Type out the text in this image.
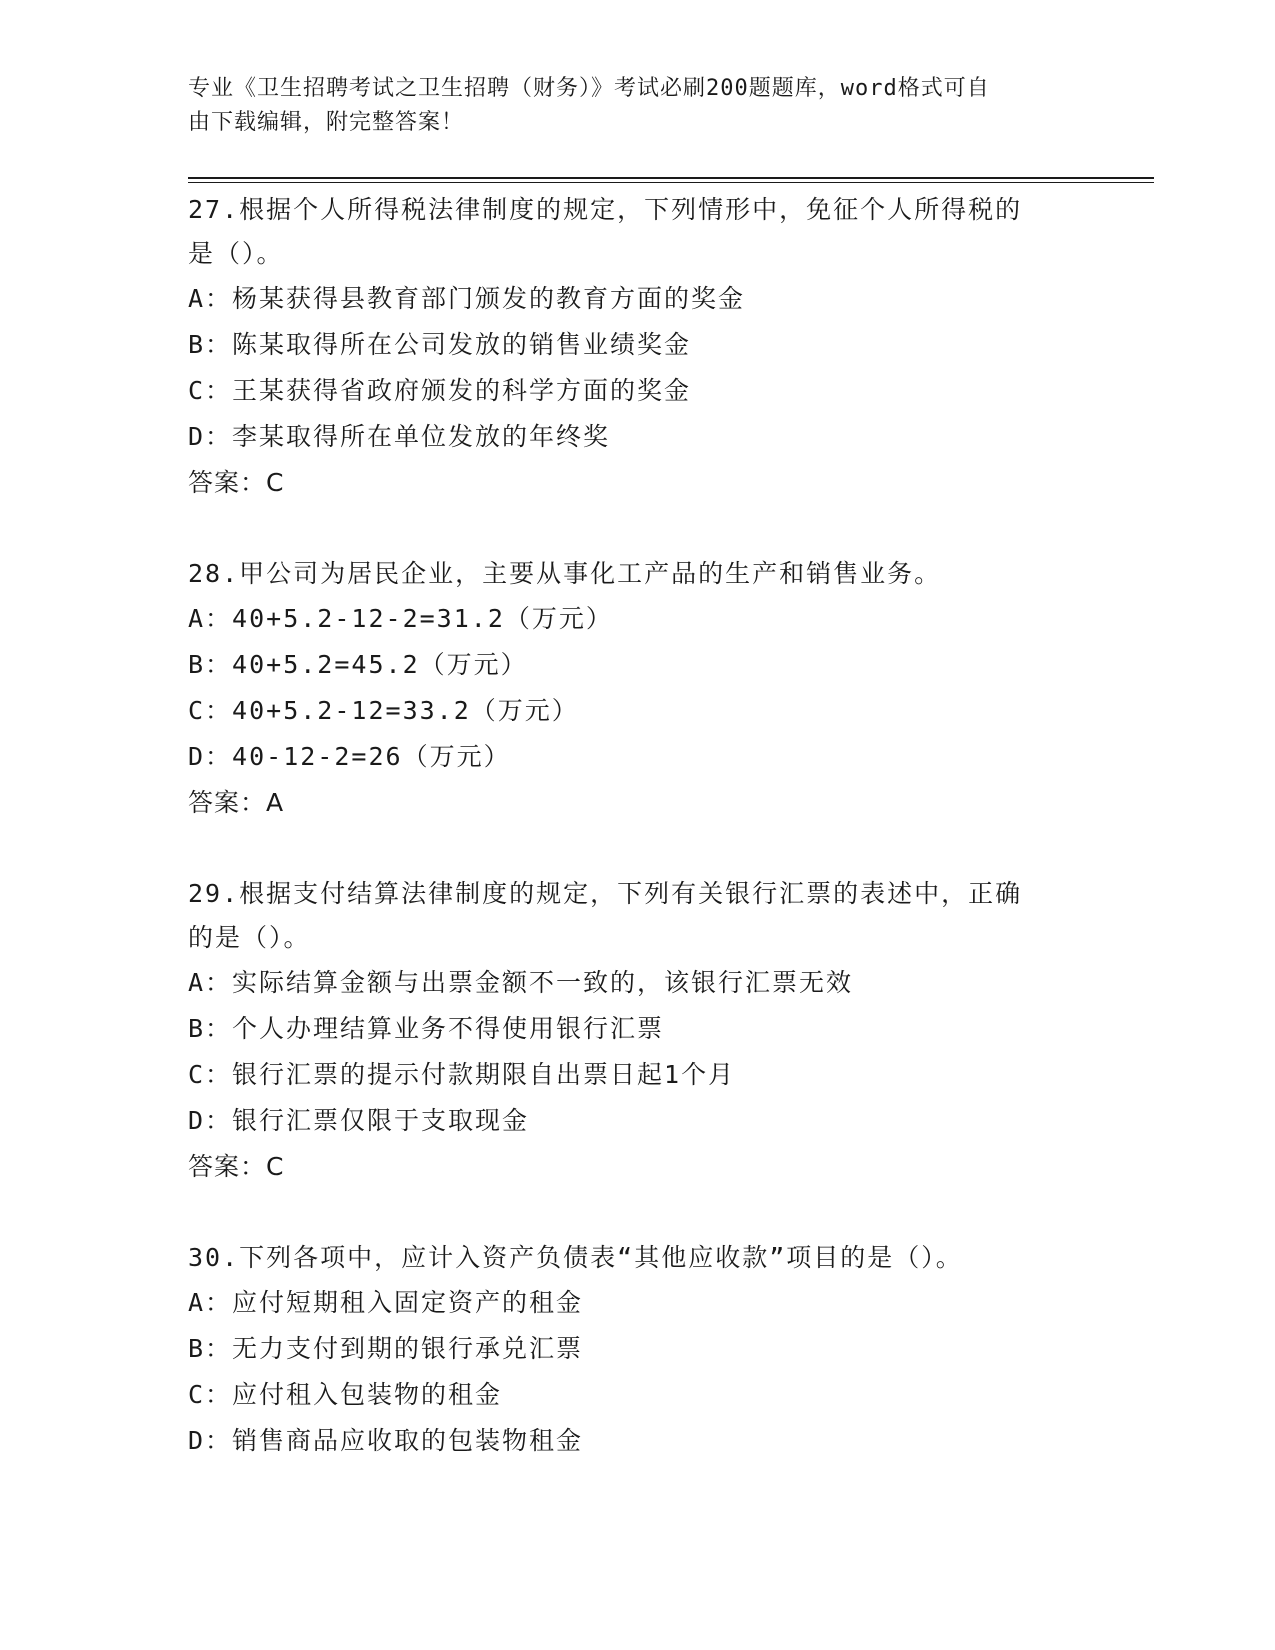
专业《卫生招聘考试之卫生招聘（财务）》考试必刷200题题库，word格式可自
由下载编辑，附完整答案！
27.根据个人所得税法律制度的规定，下列情形中，免征个人所得税的
是（）。
A：杨某获得县教育部门颁发的教育方面的奖金
B：陈某取得所在公司发放的销售业绩奖金
C：王某获得省政府颁发的科学方面的奖金
D：李某取得所在单位发放的年终奖
答案：C
28.甲公司为居民企业，主要从事化工产品的生产和销售业务。
A：40+5.2-12-2=31.2（万元）
B：40+5.2=45.2（万元）
C：40+5.2-12=33.2（万元）
D：40-12-2=26（万元）
答案：A
29.根据支付结算法律制度的规定，下列有关银行汇票的表述中，正确
的是（）。
A：实际结算金额与出票金额不一致的，该银行汇票无效
B：个人办理结算业务不得使用银行汇票
C：银行汇票的提示付款期限自出票日起1个月
D：银行汇票仅限于支取现金
答案：C
30.下列各项中，应计入资产负债表“其他应收款”项目的是（）。
A：应付短期租入固定资产的租金
B：无力支付到期的银行承兑汇票
C：应付租入包装物的租金
D：销售商品应收取的包装物租金
